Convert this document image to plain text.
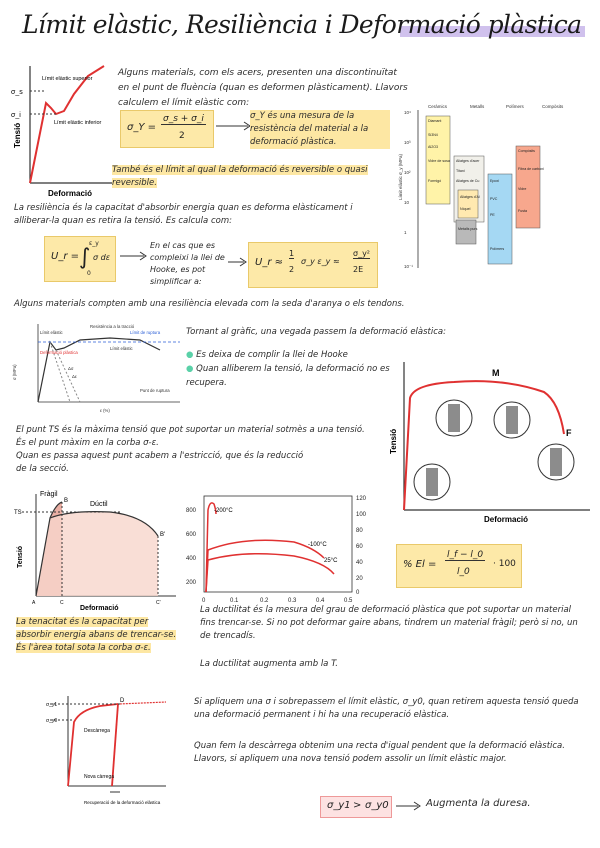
Límit elàstic, Resiliència i Deformació plàstica
σ_s
σ_i
Límit elàstic superior
Límit elàstic inferior
Tensió
Deformació
Alguns materials, com els acers, presenten una discontinuïtat en el punt de fluència (quan es deformen plàsticament). Llavors calculem el límit elàstic com:
σ_Y =
σ_s + σ_i
2
σ_Y és una mesura de la resistència del material a la deformació plàstica.
També és el límit al qual la deformació és reversible o quasi reversible.
Ceràmics	Metalls	Polímers	Compòsits
10⁴
10³
10²
10
1
10⁻¹
Límit elàstic σ_y (MPa)
Diamant
Si3N4
Al2O3
Vidre de sosa
Formigó
Aliatges d'acer
Titani
Aliatges de Cu
Aliatges d'Al
Níquel
Metalls purs
Epoxi
PVC
PE
Polímers
Compòsits
Fibra de carboni
Vidre
Fusta
La resiliència és la capacitat d'absorbir energia quan es deforma elàsticament i alliberar-la quan es retira la tensió. Es calcula com:
U_r = ∫
ε_y
0
σ dε
En el cas que es compleixi la llei de Hooke, es pot simplificar a:
U_r ≈
1
2
σ_y ε_y ≈
σ_y²
2E
Alguns materials compten amb una resiliència elevada com la seda d'aranya o els tendons.
Límit elàstic
Resistència a la tracció
Deformació plàstica
Límit de ruptura
Límit elàstic
Δσ
Δε
Punt de ruptura
σ (MPa)
ε (%)
Tornant al gràfic, una vegada passem la deformació elàstica:
● Es deixa de complir la llei de Hooke
● Quan alliberem la tensió, la deformació no es recupera.
M
F
Tensió
Deformació
El punt TS és la màxima tensió que pot suportar un material sotmès a una tensió. És el punt màxim en la corba σ-ε.
Quan es passa aquest punt acabem a l'estricció, que és la reducció de la secció.
Fràgil
Dúctil
B
B'
TS
Tensió
Deformació
A	C	C'
800
600
400
200
120
100
80
60
40
20
0
0	0.1	0.2	0.3	0.4	0.5
-200°C
-100°C
25°C	% El =
l_f − l_0
l_0
· 100
La tenacitat és la capacitat per absorbir energia abans de trencar-se. És l'àrea total sota la corba σ-ε.
La ductilitat és la mesura del grau de deformació plàstica que pot suportar un material fins trencar-se. Si no pot deformar gaire abans, tindrem un material fràgil; però si no, un de trencadís.
La ductilitat augmenta amb la T.
σ_y1
σ_y0
D
Descàrrega
Nova càrrega
Recuperació de la deformació elàstica
Si apliquem una σ i sobrepassem el límit elàstic, σ_y0, quan retirem aquesta tensió queda una deformació permanent i hi ha una recuperació elàstica.
Quan fem la descàrrega obtenim una recta d'igual pendent que la deformació elàstica. Llavors, si apliquem una nova tensió podem assolir un límit elàstic major.
σ_y1 > σ_y0	Augmenta la duresa.
